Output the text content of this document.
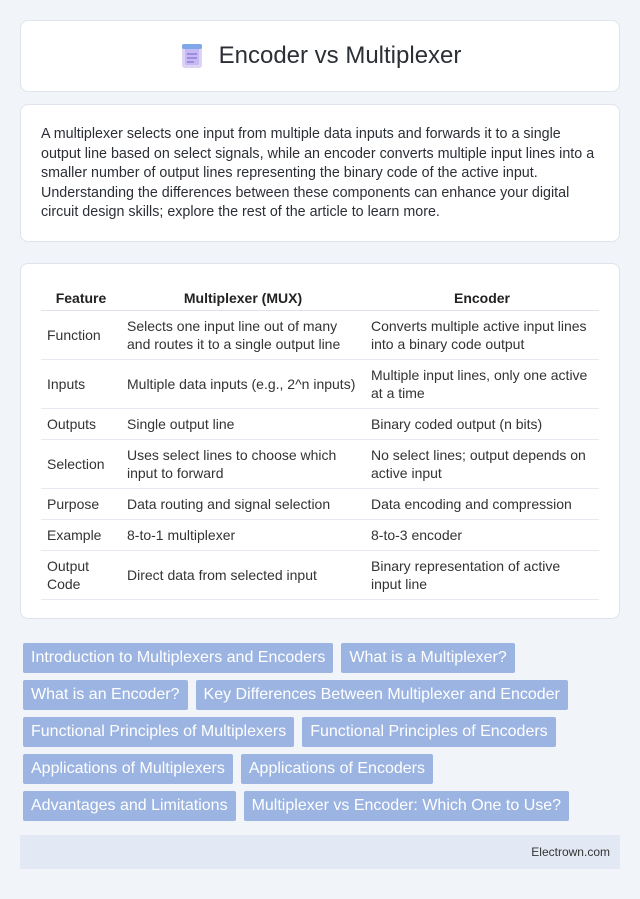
Encoder vs Multiplexer

A multiplexer selects one input from multiple data inputs and forwards it to a single output line based on select signals, while an encoder converts multiple input lines into a smaller number of output lines representing the binary code of the active input. Understanding the differences between these components can enhance your digital circuit design skills; explore the rest of the article to learn more.

Feature	Multiplexer (MUX)	Encoder
Function	Selects one input line out of many and routes it to a single output line	Converts multiple active input lines into a binary code output
Inputs	Multiple data inputs (e.g., 2^n inputs)	Multiple input lines, only one active at a time
Outputs	Single output line	Binary coded output (n bits)
Selection	Uses select lines to choose which input to forward	No select lines; output depends on active input
Purpose	Data routing and signal selection	Data encoding and compression
Example	8-to-1 multiplexer	8-to-3 encoder
Output Code	Direct data from selected input	Binary representation of active input line
Introduction to Multiplexers and Encoders	What is a Multiplexer?
What is an Encoder?	Key Differences Between Multiplexer and Encoder
Functional Principles of Multiplexers	Functional Principles of Encoders
Applications of Multiplexers	Applications of Encoders
Advantages and Limitations	Multiplexer vs Encoder: Which One to Use?
Electrown.com
